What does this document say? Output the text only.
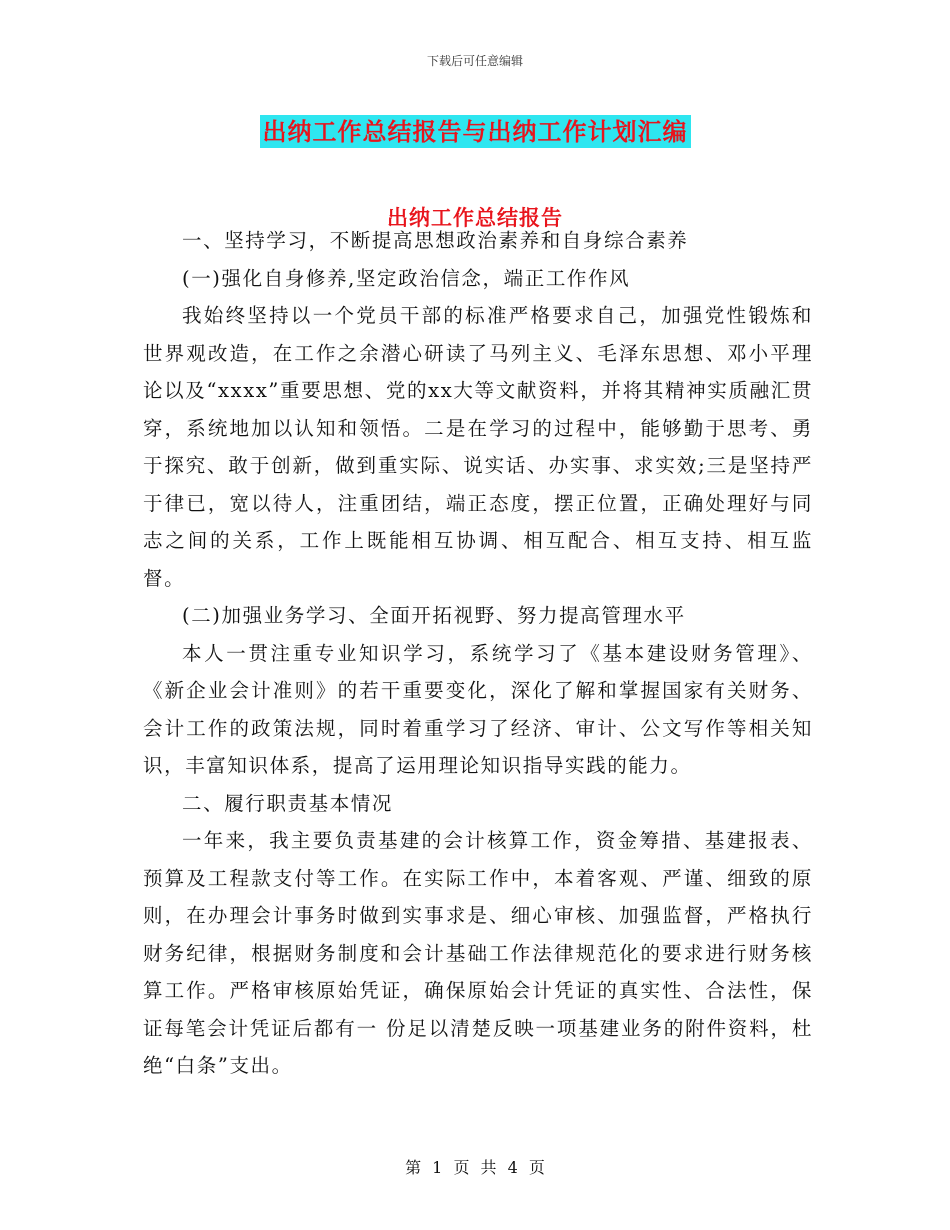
下载后可任意编辑
出纳工作总结报告与出纳工作计划汇编
出纳工作总结报告

一、坚持学习，不断提高思想政治素养和自身综合素养

(一)强化自身修养,坚定政治信念，端正工作作风

我始终坚持以一个党员干部的标准严格要求自己，加强党性锻炼和世界观改造，在工作之余潜心研读了马列主义、毛泽东思想、邓小平理论以及“xxxx”重要思想、党的xx大等文献资料，并将其精神实质融汇贯穿，系统地加以认知和领悟。二是在学习的过程中，能够勤于思考、勇于探究、敢于创新，做到重实际、说实话、办实事、求实效;三是坚持严于律已，宽以待人，注重团结，端正态度，摆正位置，正确处理好与同志之间的关系，工作上既能相互协调、相互配合、相互支持、相互监督。

(二)加强业务学习、全面开拓视野、努力提高管理水平

本人一贯注重专业知识学习，系统学习了《基本建设财务管理》、《新企业会计准则》的若干重要变化，深化了解和掌握国家有关财务、会计工作的政策法规，同时着重学习了经济、审计、公文写作等相关知识，丰富知识体系，提高了运用理论知识指导实践的能力。

二、履行职责基本情况

一年来，我主要负责基建的会计核算工作，资金筹措、基建报表、预算及工程款支付等工作。在实际工作中，本着客观、严谨、细致的原则，在办理会计事务时做到实事求是、细心审核、加强监督，严格执行财务纪律，根据财务制度和会计基础工作法律规范化的要求进行财务核算工作。严格审核原始凭证，确保原始会计凭证的真实性、合法性，保证每笔会计凭证后都有一 份足以清楚反映一项基建业务的附件资料，杜绝“白条”支出。

第 1 页 共 4 页
